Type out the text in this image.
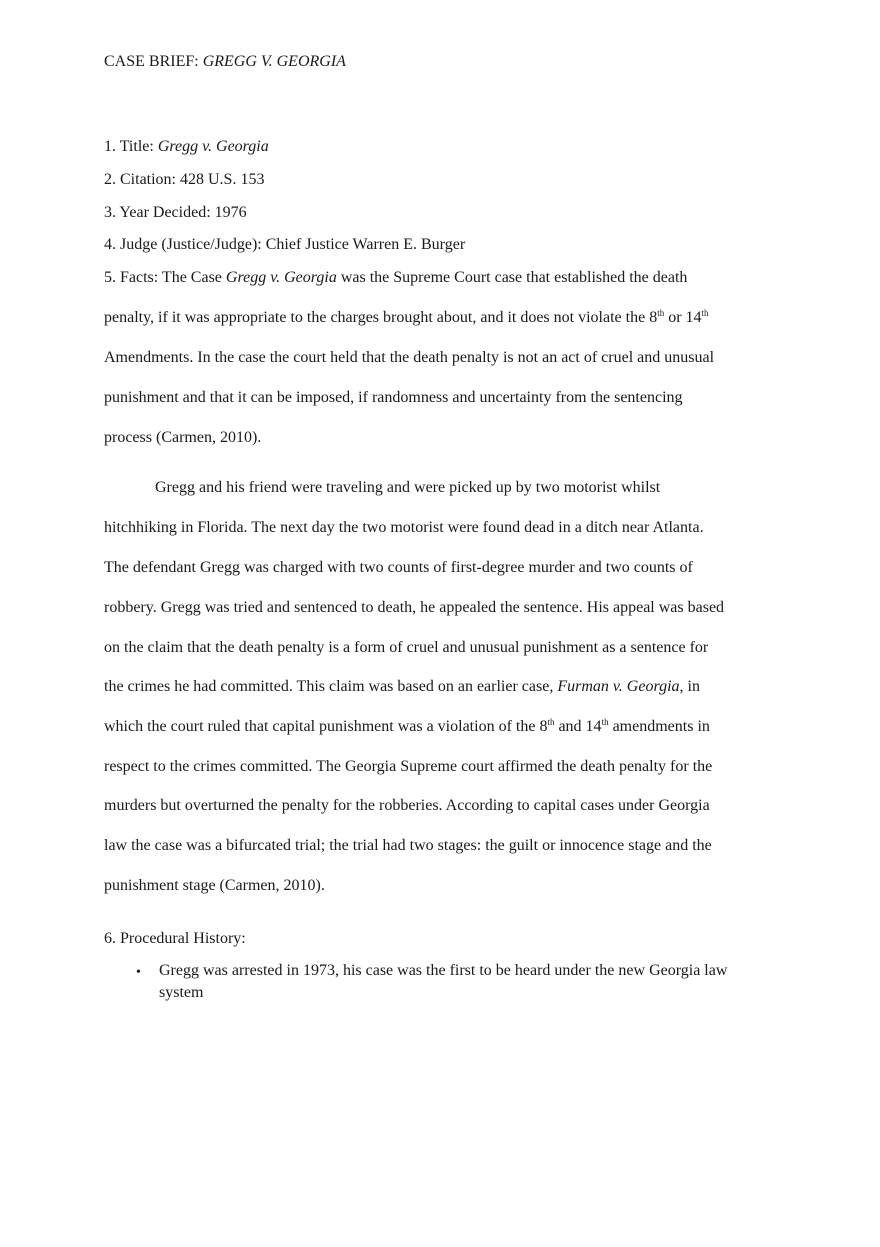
CASE BRIEF: GREGG V. GEORGIA
1. Title: Gregg v. Georgia
2. Citation: 428 U.S. 153
3. Year Decided: 1976
4. Judge (Justice/Judge): Chief Justice Warren E. Burger
5. Facts: The Case Gregg v. Georgia was the Supreme Court case that established the death
penalty, if it was appropriate to the charges brought about, and it does not violate the 8th or 14th
Amendments. In the case the court held that the death penalty is not an act of cruel and unusual
punishment and that it can be imposed, if randomness and uncertainty from the sentencing
process (Carmen, 2010).
Gregg and his friend were traveling and were picked up by two motorist whilst
hitchhiking in Florida. The next day the two motorist were found dead in a ditch near Atlanta.
The defendant Gregg was charged with two counts of first-degree murder and two counts of
robbery. Gregg was tried and sentenced to death, he appealed the sentence. His appeal was based
on the claim that the death penalty is a form of cruel and unusual punishment as a sentence for
the crimes he had committed. This claim was based on an earlier case, Furman v. Georgia, in
which the court ruled that capital punishment was a violation of the 8th and 14th amendments in
respect to the crimes committed. The Georgia Supreme court affirmed the death penalty for the
murders but overturned the penalty for the robberies. According to capital cases under Georgia
law the case was a bifurcated trial; the trial had two stages: the guilt or innocence stage and the
punishment stage (Carmen, 2010).
6. Procedural History:
•	Gregg was arrested in 1973, his case was the first to be heard under the new Georgia law
system
